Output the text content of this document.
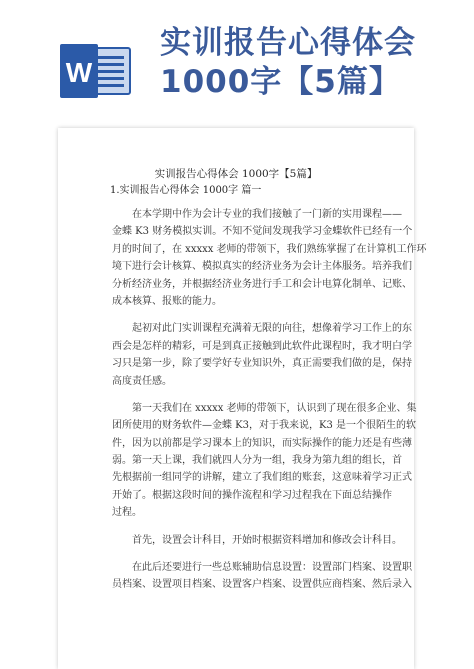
W
实训报告心得体会
1000字【5篇】
实训报告心得体会 1000字【5篇】
1.实训报告心得体会 1000字 篇一
在本学期中作为会计专业的我们接触了一门新的实用课程——
金蝶 K3 财务模拟实训。不知不觉间发现我学习金蝶软件已经有一个
月的时间了，在 xxxxx 老师的带领下，我们熟练掌握了在计算机工作环
境下进行会计核算、模拟真实的经济业务为会计主体服务。培养我们
分析经济业务，并根据经济业务进行手工和会计电算化制单、记账、
成本核算、报账的能力。
起初对此门实训课程充满着无限的向往，想像着学习工作上的东
西会是怎样的精彩，可是到真正接触到此软件此课程时，我才明白学
习只是第一步，除了要学好专业知识外，真正需要我们做的是，保持
高度责任感。
第一天我们在 xxxxx 老师的带领下，认识到了现在很多企业、集
团所使用的财务软件—金蝶 K3，对于我来说，K3 是一个很陌生的软
件，因为以前都是学习课本上的知识，而实际操作的能力还是有些薄
弱。第一天上课，我们就四人分为一组，我身为第九组的组长，首
先根据前一组同学的讲解，建立了我们组的账套，这意味着学习正式
开始了。根据这段时间的操作流程和学习过程我在下面总结操作
过程。
首先，设置会计科目，开始时根据资料增加和修改会计科目。
在此后还要进行一些总账辅助信息设置：设置部门档案、设置职
员档案、设置项目档案、设置客户档案、设置供应商档案、然后录入
